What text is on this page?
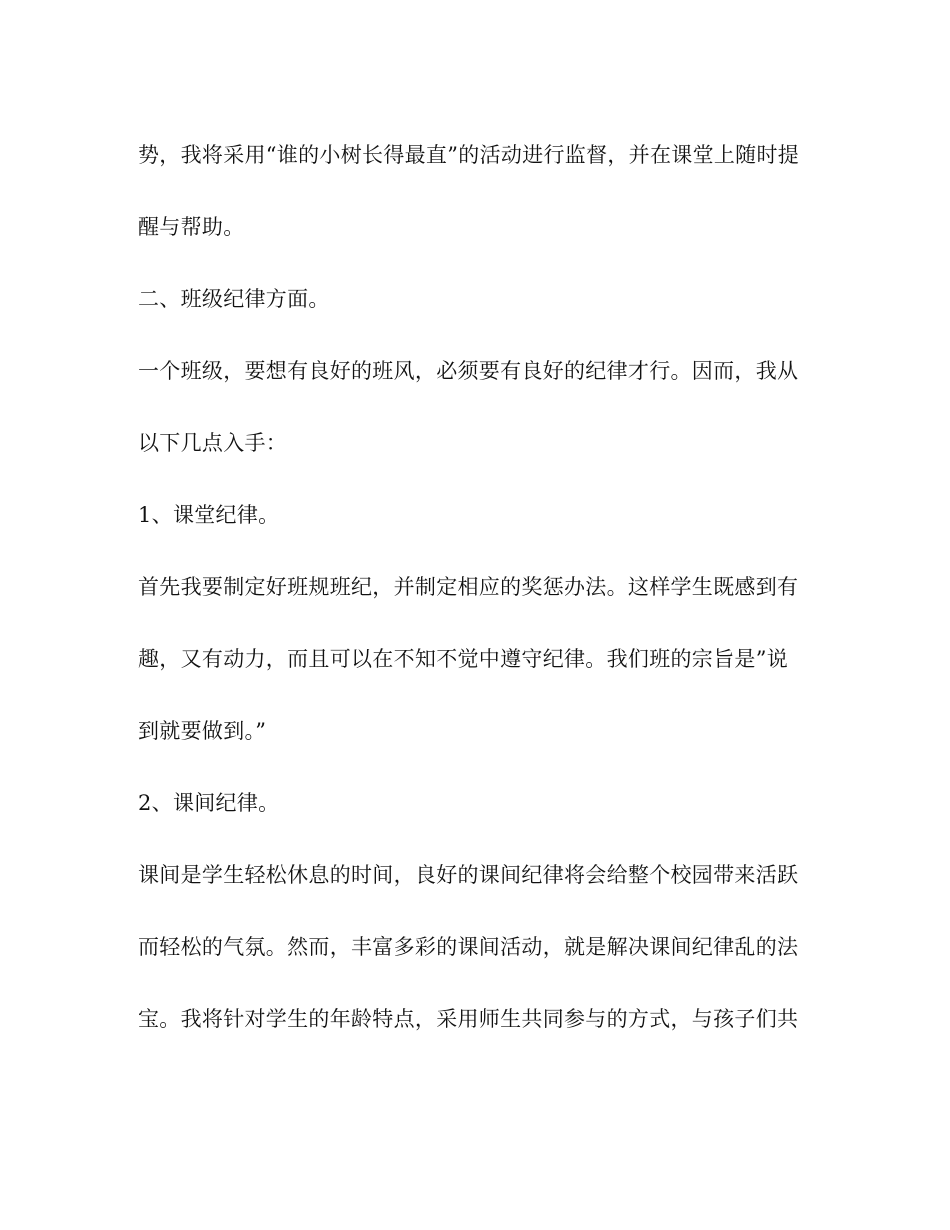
势，我将采用“谁的小树长得最直”的活动进行监督，并在课堂上随时提

醒与帮助。

二、班级纪律方面。

一个班级，要想有良好的班风，必须要有良好的纪律才行。因而，我从

以下几点入手：

1、课堂纪律。

首先我要制定好班规班纪，并制定相应的奖惩办法。这样学生既感到有

趣，又有动力，而且可以在不知不觉中遵守纪律。我们班的宗旨是”说

到就要做到。”

2、课间纪律。

课间是学生轻松休息的时间，良好的课间纪律将会给整个校园带来活跃

而轻松的气氛。然而，丰富多彩的课间活动，就是解决课间纪律乱的法

宝。我将针对学生的年龄特点，采用师生共同参与的方式，与孩子们共
